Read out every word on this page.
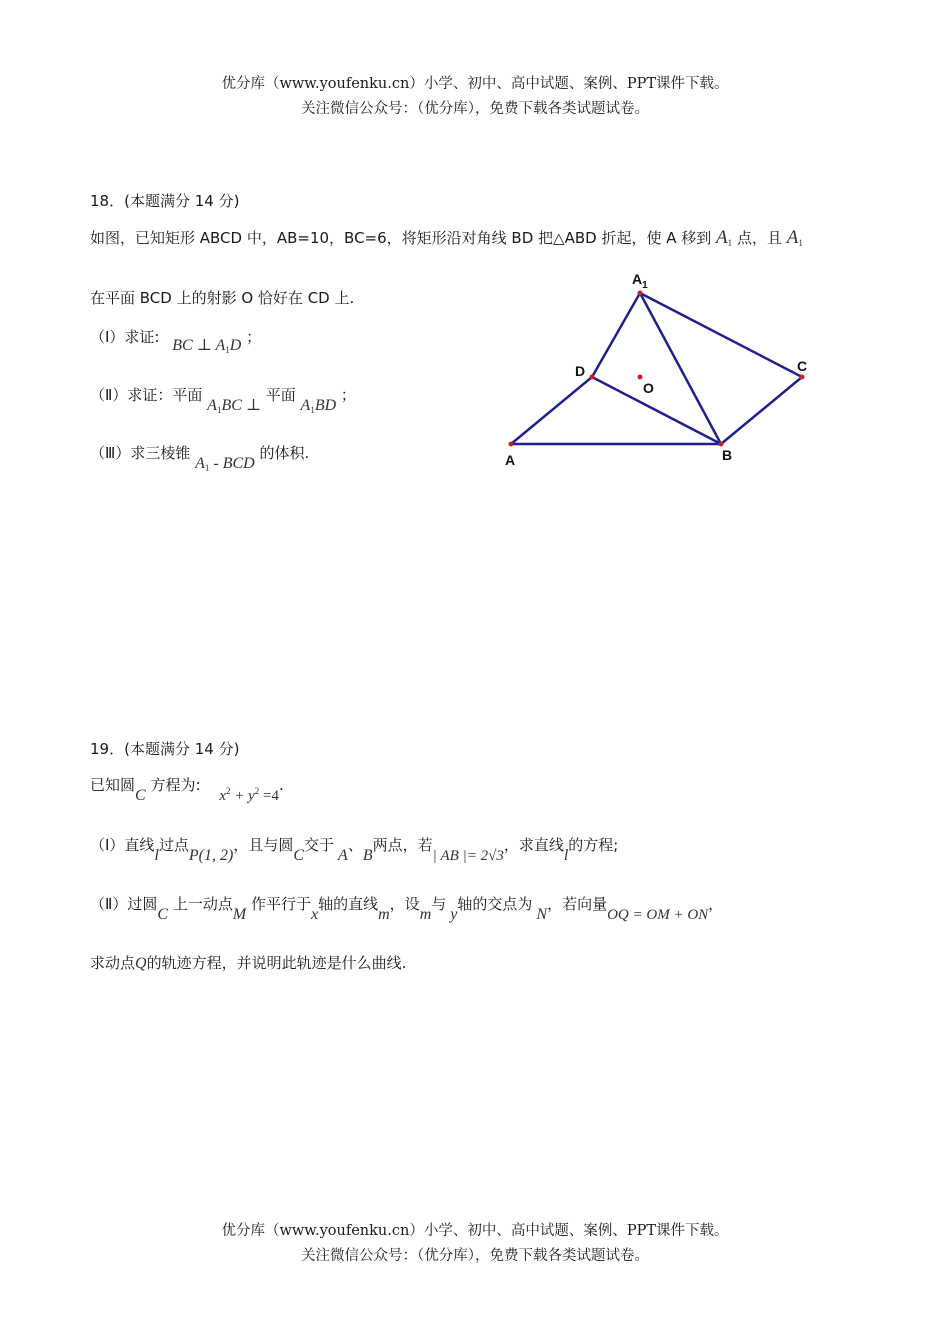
优分库（www.youfenku.cn）小学、初中、高中试题、案例、PPT课件下载。
关注微信公众号：（优分库），免费下载各类试题试卷。
18．(本题满分 14 分)
如图，已知矩形 ABCD 中，AB=10，BC=6，将矩形沿对角线 BD 把△ABD 折起，使 A 移到 $A_1$ 点，且 $A_1$
在平面 BCD 上的射影 O 恰好在 CD 上.
（Ⅰ）求证: BC ⊥ $A_1D$ ；
（Ⅱ）求证：平面 $A_1BC$ ⊥ 平面 $A_1BD$ ；
（Ⅲ）求三棱锥 $A_1$ - BCD 的体积.
$A_1$
D
O
C
A	B
19．(本题满分 14 分)
已知圆C 方程为: $x^2 + y^2 =4$.
（Ⅰ）直线l过点P(1, 2)，且与圆C交于A、B两点，若| AB |= 2√3，求直线l的方程;
（Ⅱ）过圆C 上一动点M 作平行于x轴的直线m，设m与y轴的交点为N，若向量OQ = OM + ON，
求动点Q的轨迹方程，并说明此轨迹是什么曲线.
优分库（www.youfenku.cn）小学、初中、高中试题、案例、PPT课件下载。
关注微信公众号：（优分库），免费下载各类试题试卷。
